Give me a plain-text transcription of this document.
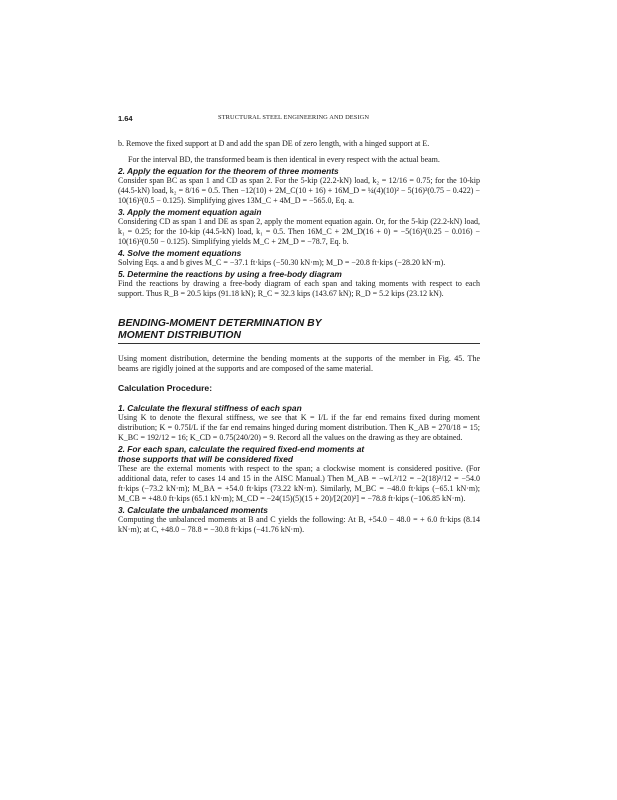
1.64	STRUCTURAL STEEL ENGINEERING AND DESIGN

b. Remove the fixed support at D and add the span DE of zero length, with a hinged support at E.

For the interval BD, the transformed beam is then identical in every respect with the actual beam.

2. Apply the equation for the theorem of three moments

Consider span BC as span 1 and CD as span 2. For the 5-kip (22.2-kN) load, k₂ = 12/16 = 0.75; for the 10-kip (44.5-kN) load, k₂ = 8/16 = 0.5. Then −12(10) + 2M_C(10 + 16) + 16M_D = ¼(4)(10)² − 5(16)²(0.75 − 0.422) − 10(16)²(0.5 − 0.125). Simplifying gives 13M_C + 4M_D = −565.0, Eq. a.

3. Apply the moment equation again

Considering CD as span 1 and DE as span 2, apply the moment equation again. Or, for the 5-kip (22.2-kN) load, k₁ = 0.25; for the 10-kip (44.5-kN) load, k₁ = 0.5. Then 16M_C + 2M_D(16 + 0) = −5(16)²(0.25 − 0.016) − 10(16)²(0.50 − 0.125). Simplifying yields M_C + 2M_D = −78.7, Eq. b.

4. Solve the moment equations

Solving Eqs. a and b gives M_C = −37.1 ft·kips (−50.30 kN·m); M_D = −20.8 ft·kips (−28.20 kN·m).

5. Determine the reactions by using a free-body diagram

Find the reactions by drawing a free-body diagram of each span and taking moments with respect to each support. Thus R_B = 20.5 kips (91.18 kN); R_C = 32.3 kips (143.67 kN); R_D = 5.2 kips (23.12 kN).

BENDING-MOMENT DETERMINATION BY
MOMENT DISTRIBUTION

Using moment distribution, determine the bending moments at the supports of the member in Fig. 45. The beams are rigidly joined at the supports and are composed of the same material.

Calculation Procedure:

1. Calculate the flexural stiffness of each span

Using K to denote the flexural stiffness, we see that K = I/L if the far end remains fixed during moment distribution; K = 0.75I/L if the far end remains hinged during moment distribution. Then K_AB = 270/18 = 15; K_BC = 192/12 = 16; K_CD = 0.75(240/20) = 9. Record all the values on the drawing as they are obtained.

2. For each span, calculate the required fixed-end moments at

those supports that will be considered fixed

These are the external moments with respect to the span; a clockwise moment is considered positive. (For additional data, refer to cases 14 and 15 in the AISC Manual.) Then M_AB = −wL²/12 = −2(18)²/12 = −54.0 ft·kips (−73.2 kN·m); M_BA = +54.0 ft·kips (73.22 kN·m). Similarly, M_BC = −48.0 ft·kips (−65.1 kN·m); M_CB = +48.0 ft·kips (65.1 kN·m); M_CD = −24(15)(5)(15 + 20)/[2(20)²] = −78.8 ft·kips (−106.85 kN·m).

3. Calculate the unbalanced moments

Computing the unbalanced moments at B and C yields the following: At B, +54.0 − 48.0 = + 6.0 ft·kips (8.14 kN·m); at C, +48.0 − 78.8 = −30.8 ft·kips (−41.76 kN·m).
